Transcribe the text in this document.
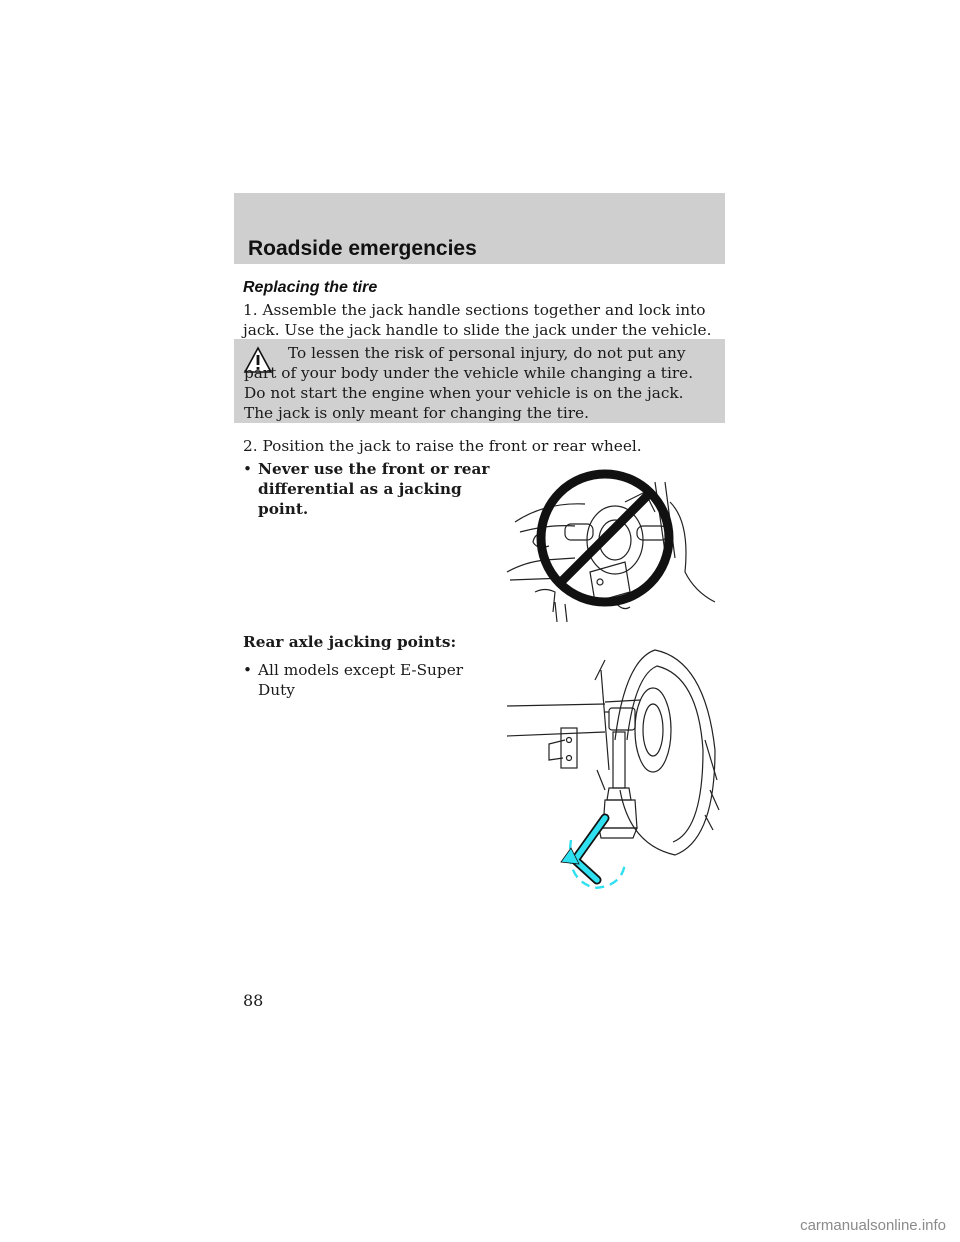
Roadside emergencies
Replacing the tire
1. Assemble the jack handle sections together and lock into jack. Use the jack handle to slide the jack under the vehicle.
To lessen the risk of personal injury, do not put any part of your body under the vehicle while changing a tire. Do not start the engine when your vehicle is on the jack. The jack is only meant for changing the tire.
2. Position the jack to raise the front or rear wheel.
• Never use the front or rear differential as a jacking point.
Rear axle jacking points:
• All models except E-Super Duty
88
carmanualsonline.info
